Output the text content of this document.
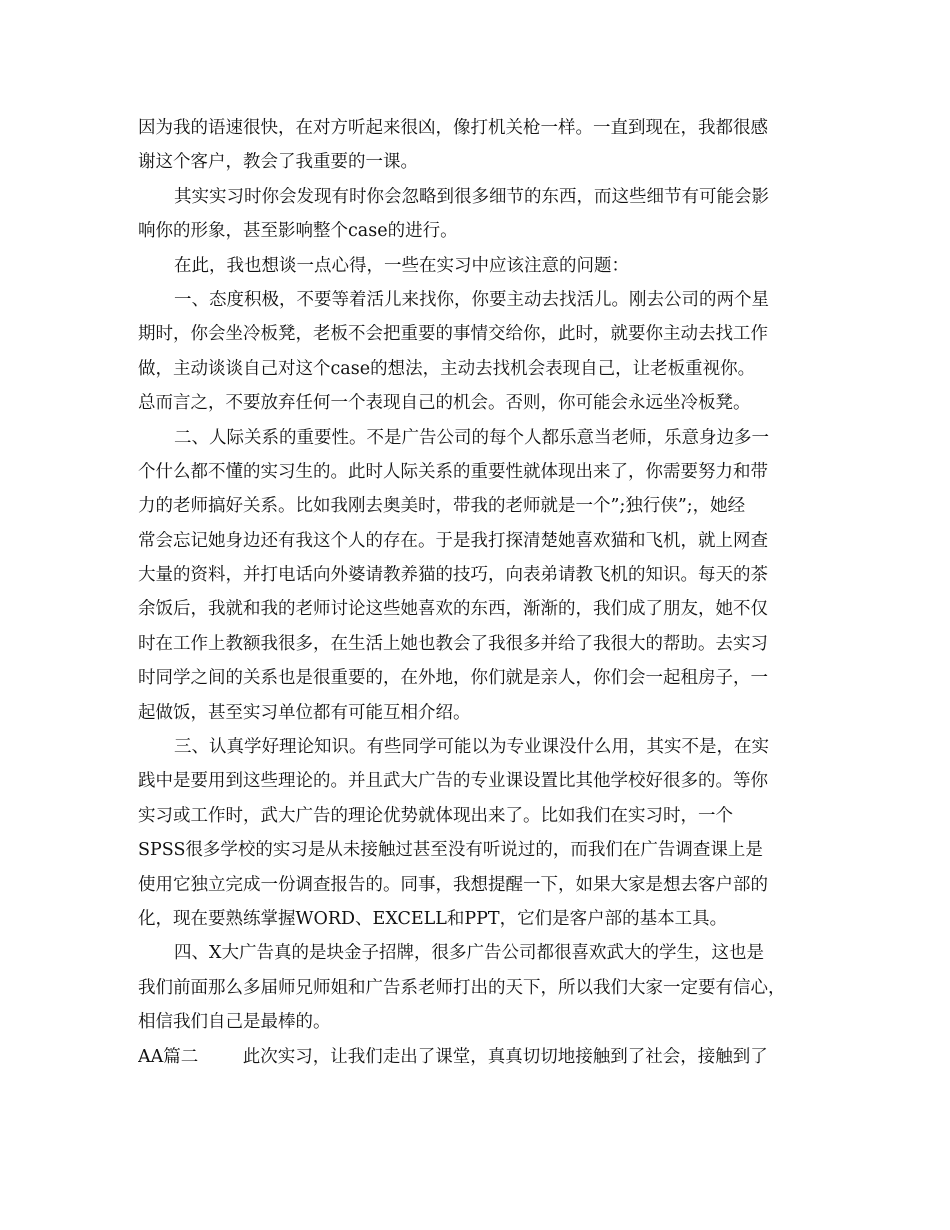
因为我的语速很快，在对方听起来很凶，像打机关枪一样。一直到现在，我都很感
谢这个客户，教会了我重要的一课。
其实实习时你会发现有时你会忽略到很多细节的东西，而这些细节有可能会影
响你的形象，甚至影响整个case的进行。
在此，我也想谈一点心得，一些在实习中应该注意的问题：
一、态度积极，不要等着活儿来找你，你要主动去找活儿。刚去公司的两个星
期时，你会坐冷板凳，老板不会把重要的事情交给你，此时，就要你主动去找工作
做，主动谈谈自己对这个case的想法，主动去找机会表现自己，让老板重视你。
总而言之，不要放弃任何一个表现自己的机会。否则，你可能会永远坐冷板凳。
二、人际关系的重要性。不是广告公司的每个人都乐意当老师，乐意身边多一
个什么都不懂的实习生的。此时人际关系的重要性就体现出来了，你需要努力和带
力的老师搞好关系。比如我刚去奥美时，带我的老师就是一个”;独行侠”;，她经
常会忘记她身边还有我这个人的存在。于是我打探清楚她喜欢猫和飞机，就上网查
大量的资料，并打电话向外婆请教养猫的技巧，向表弟请教飞机的知识。每天的茶
余饭后，我就和我的老师讨论这些她喜欢的东西，渐渐的，我们成了朋友，她不仅
时在工作上教额我很多，在生活上她也教会了我很多并给了我很大的帮助。去实习
时同学之间的关系也是很重要的，在外地，你们就是亲人，你们会一起租房子，一
起做饭，甚至实习单位都有可能互相介绍。
三、认真学好理论知识。有些同学可能以为专业课没什么用，其实不是，在实
践中是要用到这些理论的。并且武大广告的专业课设置比其他学校好很多的。等你
实习或工作时，武大广告的理论优势就体现出来了。比如我们在实习时，一个
SPSS很多学校的实习是从未接触过甚至没有听说过的，而我们在广告调查课上是
使用它独立完成一份调查报告的。同事，我想提醒一下，如果大家是想去客户部的
化，现在要熟练掌握WORD、EXCELL和PPT，它们是客户部的基本工具。
四、X大广告真的是块金子招牌，很多广告公司都很喜欢武大的学生，这也是
我们前面那么多届师兄师姐和广告系老师打出的天下，所以我们大家一定要有信心，
相信我们自己是最棒的。
AA篇二	此次实习，让我们走出了课堂，真真切切地接触到了社会，接触到了
